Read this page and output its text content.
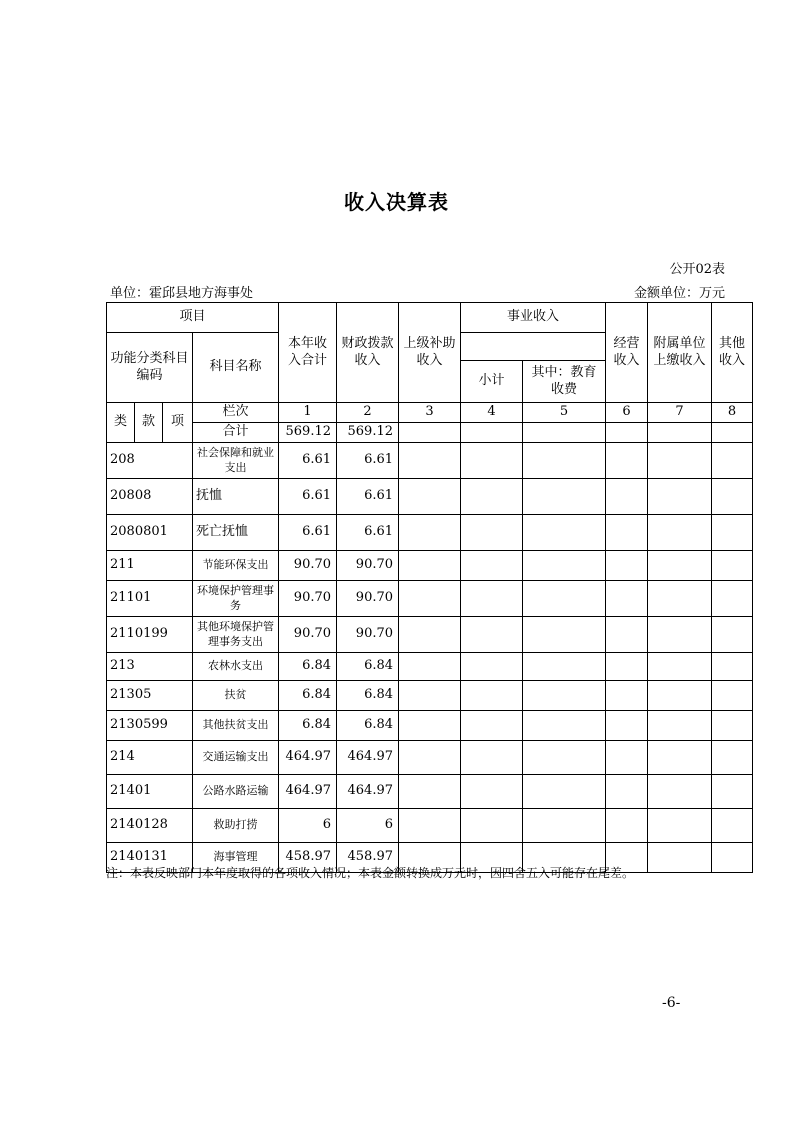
收入决算表
公开02表
单位：霍邱县地方海事处	金额单位：万元
项目				本年收入合计	财政拨款收入	上级补助收入	事业收入		经营收入	附属单位上缴收入	其他收入
功能分类科目编码			科目名称								
							小计	其中：教育收费			
类	款	项	栏次	1	2	3	4	5	6	7	8
			合计	569.12	569.12						
208			社会保障和就业支出	6.61	6.61						
20808			抚恤	6.61	6.61						
2080801			死亡抚恤	6.61	6.61						
211			节能环保支出	90.70	90.70						
21101			环境保护管理事务	90.70	90.70						
2110199			其他环境保护管理事务支出	90.70	90.70						
213			农林水支出	6.84	6.84						
21305			扶贫	6.84	6.84						
2130599			其他扶贫支出	6.84	6.84						
214			交通运输支出	464.97	464.97						
21401			公路水路运输	464.97	464.97						
2140128			救助打捞	6	6						
2140131			海事管理	458.97	458.97						
注：本表反映部门本年度取得的各项收入情况；本表金额转换成万元时，因四舍五入可能存在尾差。
-6-
